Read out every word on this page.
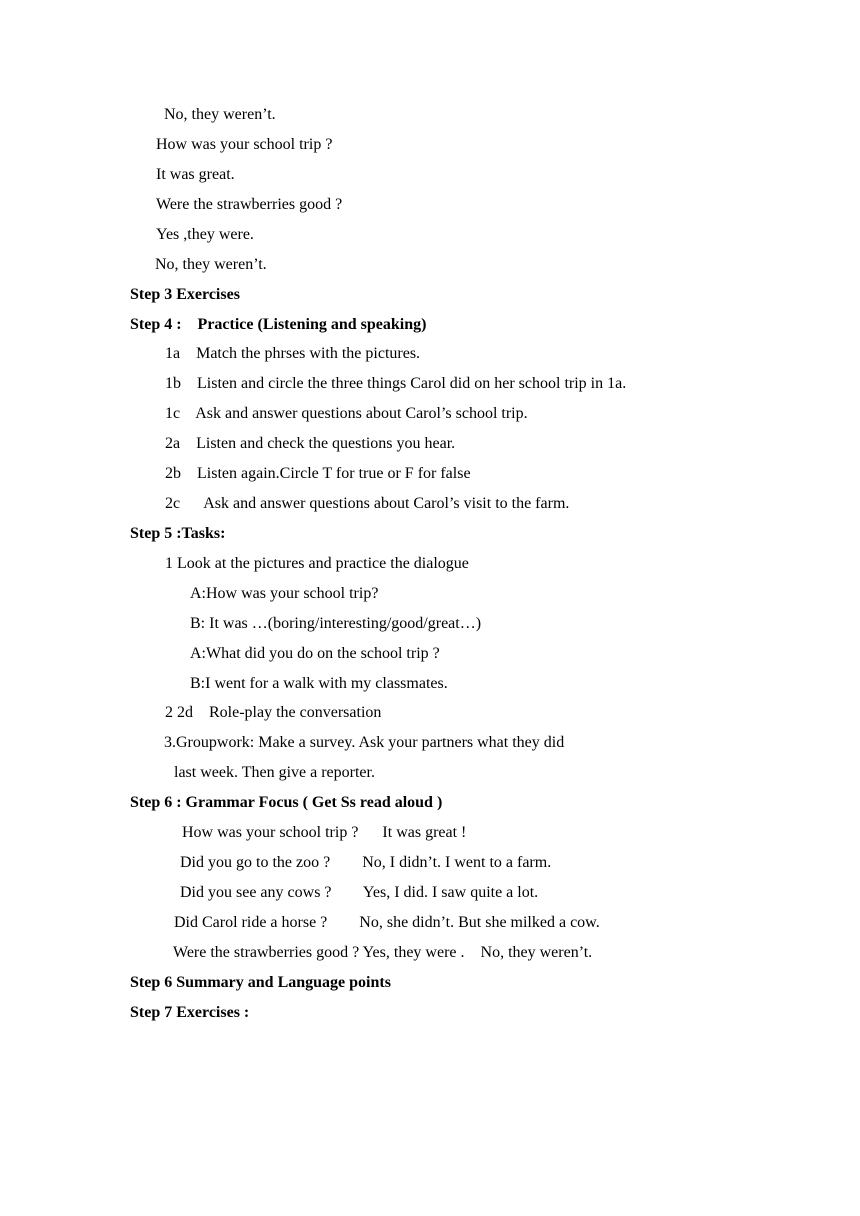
No, they weren’t.
How was your school trip ?
It was great.
Were the strawberries good ?
Yes ,they were.
No, they weren’t.
Step 3 Exercises
Step 4 :    Practice (Listening and speaking)
1a    Match the phrses with the pictures.
1b    Listen and circle the three things Carol did on her school trip in 1a.
1c    Ask and answer questions about Carol’s school trip.
2a    Listen and check the questions you hear.
2b    Listen again.Circle T for true or F for false
2c      Ask and answer questions about Carol’s visit to the farm.
Step 5 :Tasks:
1 Look at the pictures and practice the dialogue
A:How was your school trip?
B: It was …(boring/interesting/good/great…)
A:What did you do on the school trip ?
B:I went for a walk with my classmates.
2 2d    Role-play the conversation
3.Groupwork: Make a survey. Ask your partners what they did
last week. Then give a reporter.
Step 6 : Grammar Focus ( Get Ss read aloud )
How was your school trip ?      It was great !
Did you go to the zoo ?        No, I didn’t. I went to a farm.
Did you see any cows ?        Yes, I did. I saw quite a lot.
Did Carol ride a horse ?        No, she didn’t. But she milked a cow.
Were the strawberries good ? Yes, they were .    No, they weren’t.
Step 6 Summary and Language points
Step 7 Exercises :
